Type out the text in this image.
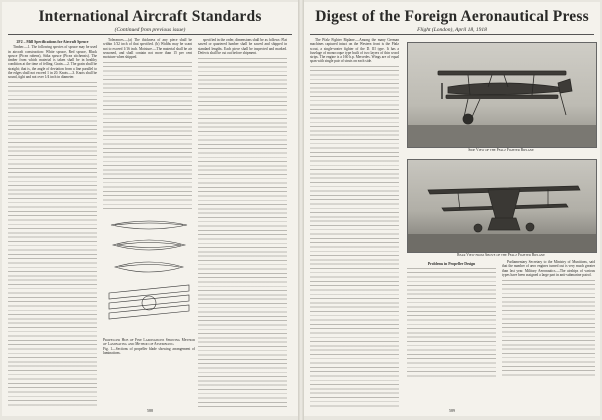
International Aircraft Standards
(Continued from previous issue)

2F2 – Mill Specifications for Aircraft Spruce

Timber.—1. The following species of spruce may be used in aircraft construction: White spruce, Red spruce, Black spruce (Picea rubens), Sitka spruce (Picea sitchensis). The timber from which material is taken shall be in healthy condition at the time of felling. Grain.—2. The grain shall be straight; that is, the angle of deviation from a line parallel to the edges shall not exceed 1 in 20. Knots.—3. Knots shall be sound, tight and not over 1/4 inch in diameter.

Tolerances.—(a) The thickness of any piece shall be within 1/32 inch of that specified. (b) Widths may be scant not to exceed 1/16 inch. Moisture.—The material shall be air seasoned, and shall contain not more than 15 per cent moisture when shipped.

Propeller Hub of Fine Laminations Showing Method of Laminating and Method of Assembling
Fig. 1—Sections of propeller blade showing arrangement of laminations.

specified in the order, dimensions shall be as follows: Flat sawed or quartered lumber shall be sawed and shipped in standard lengths. Each piece shall be inspected and marked. Defects shall be cut out before shipment.

588
Digest of the Foreign Aeronautical Press
Flight (London), April 18, 1918

The Pfalz Fighter Biplane.—Among the many German machines captured intact on the Western front is the Pfalz scout, a single-seater fighter of the D. III type. It has a fuselage of monocoque type built of two layers of thin wood strips. The engine is a 160 h.p. Mercedes. Wings are of equal span with single pair of struts on each side.

Side View of the Pfalz Fighter Biplane
Rear View from Above of the Pfalz Fighter Biplane

Problems in Propeller Design	Parliamentary Secretary to the Ministry of Munitions, said that the number of aero engines turned out is very much greater than last year. Military Aeronautics.—The airships of various types have been assigned a large part in anti-submarine patrol.

589
